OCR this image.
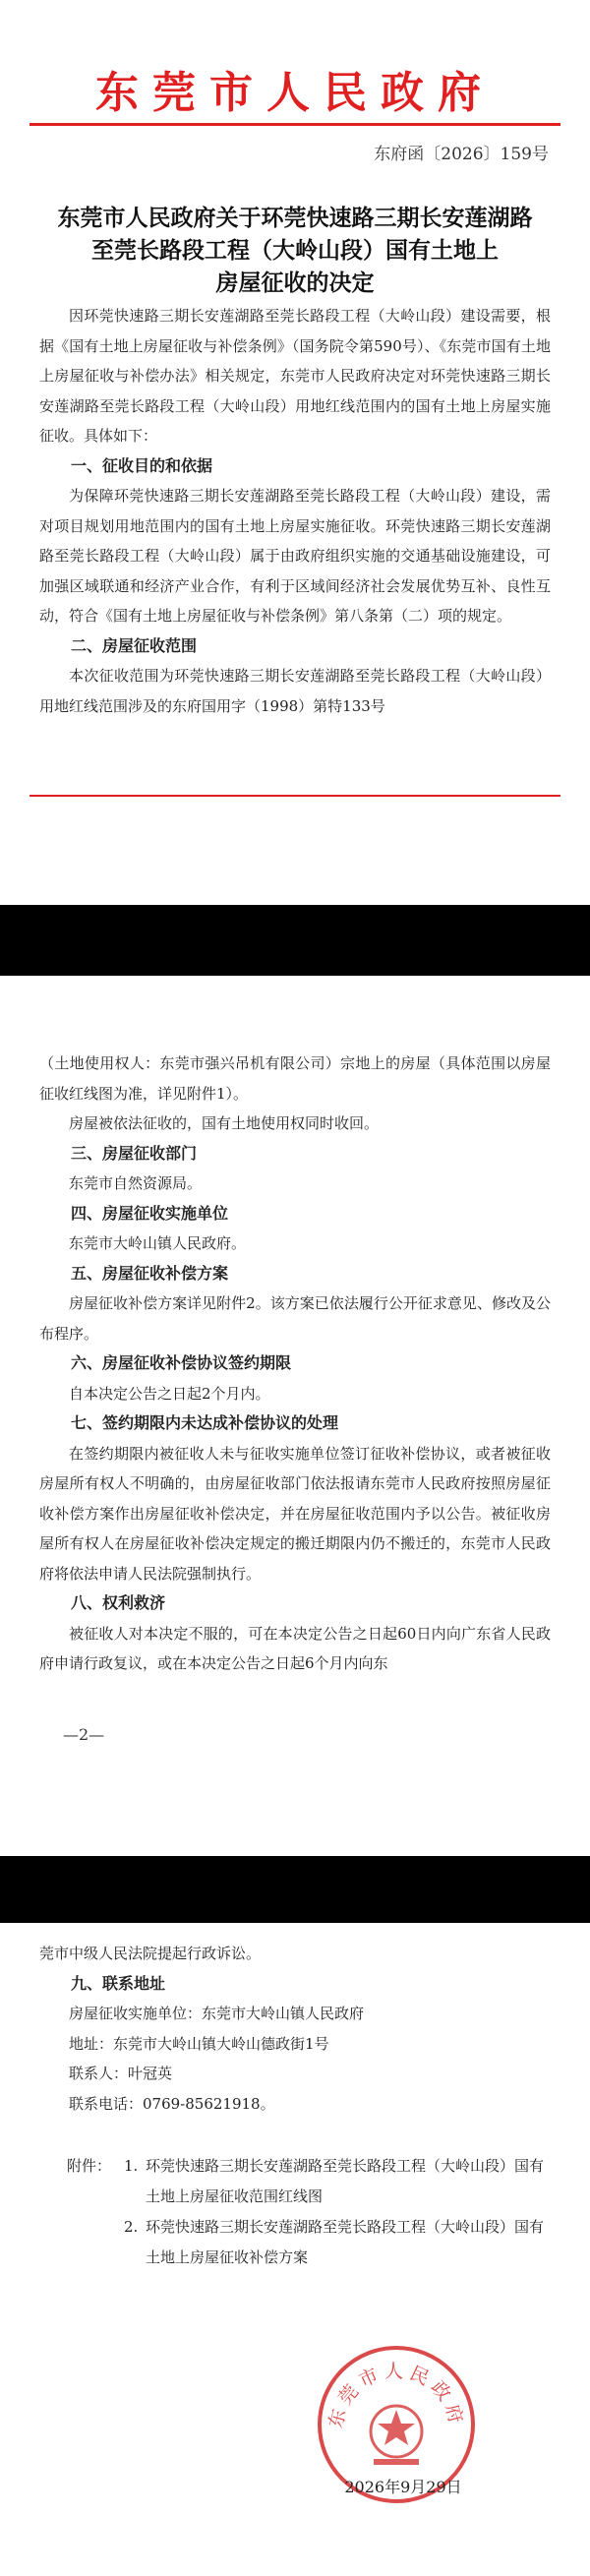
东莞市人民政府
东府函〔2026〕159号
东莞市人民政府关于环莞快速路三期长安莲湖路
至莞长路段工程（大岭山段）国有土地上
房屋征收的决定

因环莞快速路三期长安莲湖路至莞长路段工程（大岭山段）建设需要，根据《国有土地上房屋征收与补偿条例》（国务院令第590号）、《东莞市国有土地上房屋征收与补偿办法》相关规定，东莞市人民政府决定对环莞快速路三期长安莲湖路至莞长路段工程（大岭山段）用地红线范围内的国有土地上房屋实施征收。具体如下：

一、征收目的和依据

为保障环莞快速路三期长安莲湖路至莞长路段工程（大岭山段）建设，需对项目规划用地范围内的国有土地上房屋实施征收。环莞快速路三期长安莲湖路至莞长路段工程（大岭山段）属于由政府组织实施的交通基础设施建设，可加强区域联通和经济产业合作，有利于区域间经济社会发展优势互补、良性互动，符合《国有土地上房屋征收与补偿条例》第八条第（二）项的规定。

二、房屋征收范围

本次征收范围为环莞快速路三期长安莲湖路至莞长路段工程（大岭山段）用地红线范围涉及的东府国用字（1998）第特133号

（土地使用权人：东莞市强兴吊机有限公司）宗地上的房屋（具体范围以房屋征收红线图为准，详见附件1）。

房屋被依法征收的，国有土地使用权同时收回。

三、房屋征收部门

东莞市自然资源局。

四、房屋征收实施单位

东莞市大岭山镇人民政府。

五、房屋征收补偿方案

房屋征收补偿方案详见附件2。该方案已依法履行公开征求意见、修改及公布程序。

六、房屋征收补偿协议签约期限

自本决定公告之日起2个月内。

七、签约期限内未达成补偿协议的处理

在签约期限内被征收人未与征收实施单位签订征收补偿协议，或者被征收房屋所有权人不明确的，由房屋征收部门依法报请东莞市人民政府按照房屋征收补偿方案作出房屋征收补偿决定，并在房屋征收范围内予以公告。被征收房屋所有权人在房屋征收补偿决定规定的搬迁期限内仍不搬迁的，东莞市人民政府将依法申请人民法院强制执行。

八、权利救济

被征收人对本决定不服的，可在本决定公告之日起60日内向广东省人民政府申请行政复议，或在本决定公告之日起6个月内向东

—2—

莞市中级人民法院提起行政诉讼。

九、联系地址

房屋征收实施单位：东莞市大岭山镇人民政府

地址：东莞市大岭山镇大岭山德政街1号

联系人：叶冠英

联系电话：0769-85621918。

附件： 1. 环莞快速路三期长安莲湖路至莞长路段工程（大岭山段）国有土地上房屋征收范围红线图
2. 环莞快速路三期长安莲湖路至莞长路段工程（大岭山段）国有土地上房屋征收补偿方案
东莞市人民政府
2026年9月29日
